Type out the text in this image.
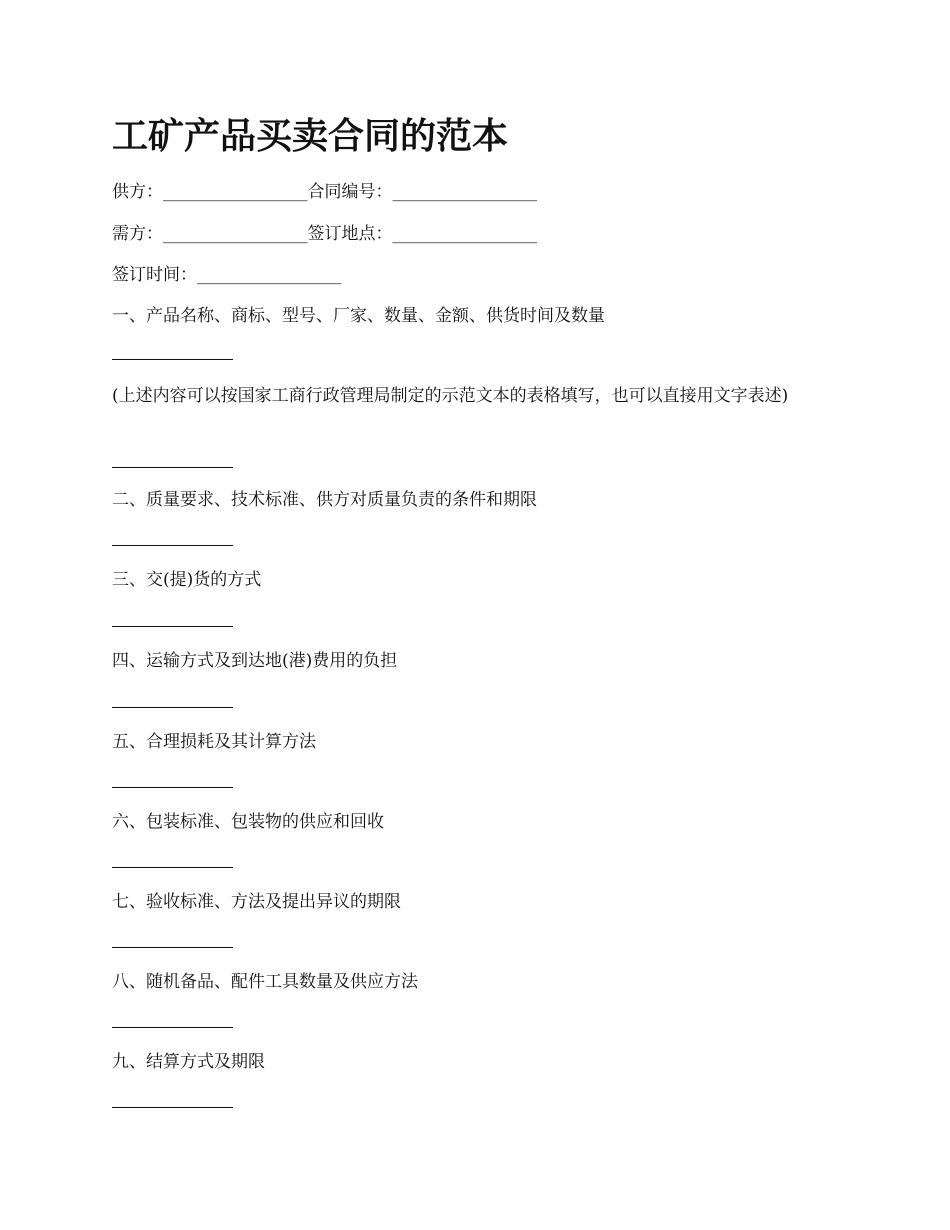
工矿产品买卖合同的范本
供方：_________________合同编号：_________________
需方：_________________签订地点：_________________
签订时间：_________________
一、产品名称、商标、型号、厂家、数量、金额、供货时间及数量
(上述内容可以按国家工商行政管理局制定的示范文本的表格填写，也可以直接用文字表述)
二、质量要求、技术标准、供方对质量负责的条件和期限
三、交(提)货的方式
四、运输方式及到达地(港)费用的负担
五、合理损耗及其计算方法
六、包装标准、包装物的供应和回收
七、验收标准、方法及提出异议的期限
八、随机备品、配件工具数量及供应方法
九、结算方式及期限
